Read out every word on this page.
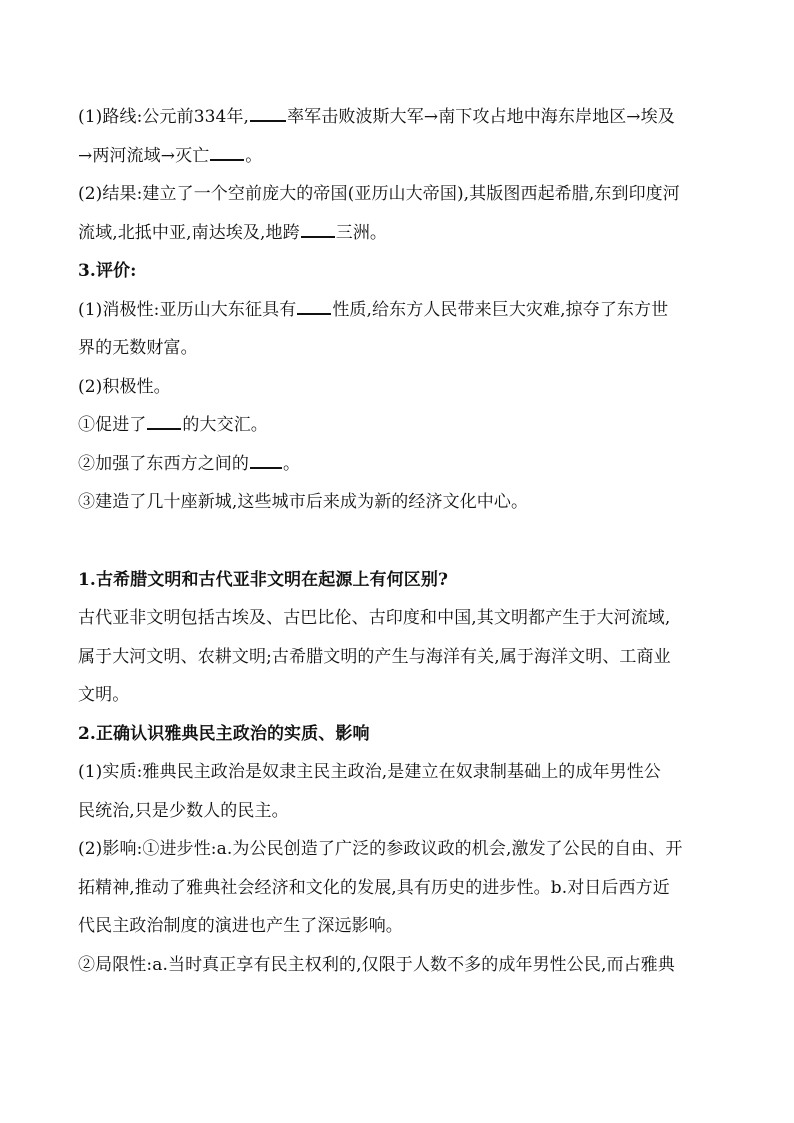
(1)路线:公元前334年, 率军击败波斯大军→南下攻占地中海东岸地区→埃及
→两河流域→灭亡 。
(2)结果:建立了一个空前庞大的帝国(亚历山大帝国),其版图西起希腊,东到印度河
流域,北抵中亚,南达埃及,地跨 三洲。
3.评价:
(1)消极性:亚历山大东征具有 性质,给东方人民带来巨大灾难,掠夺了东方世
界的无数财富。
(2)积极性。
①促进了 的大交汇。
②加强了东西方之间的 。
③建造了几十座新城,这些城市后来成为新的经济文化中心。
1.古希腊文明和古代亚非文明在起源上有何区别?
古代亚非文明包括古埃及、古巴比伦、古印度和中国,其文明都产生于大河流域,
属于大河文明、农耕文明;古希腊文明的产生与海洋有关,属于海洋文明、工商业
文明。
2.正确认识雅典民主政治的实质、影响
(1)实质:雅典民主政治是奴隶主民主政治,是建立在奴隶制基础上的成年男性公
民统治,只是少数人的民主。
(2)影响:①进步性:a.为公民创造了广泛的参政议政的机会,激发了公民的自由、开
拓精神,推动了雅典社会经济和文化的发展,具有历史的进步性。b.对日后西方近
代民主政治制度的演进也产生了深远影响。
②局限性:a.当时真正享有民主权利的,仅限于人数不多的成年男性公民,而占雅典
